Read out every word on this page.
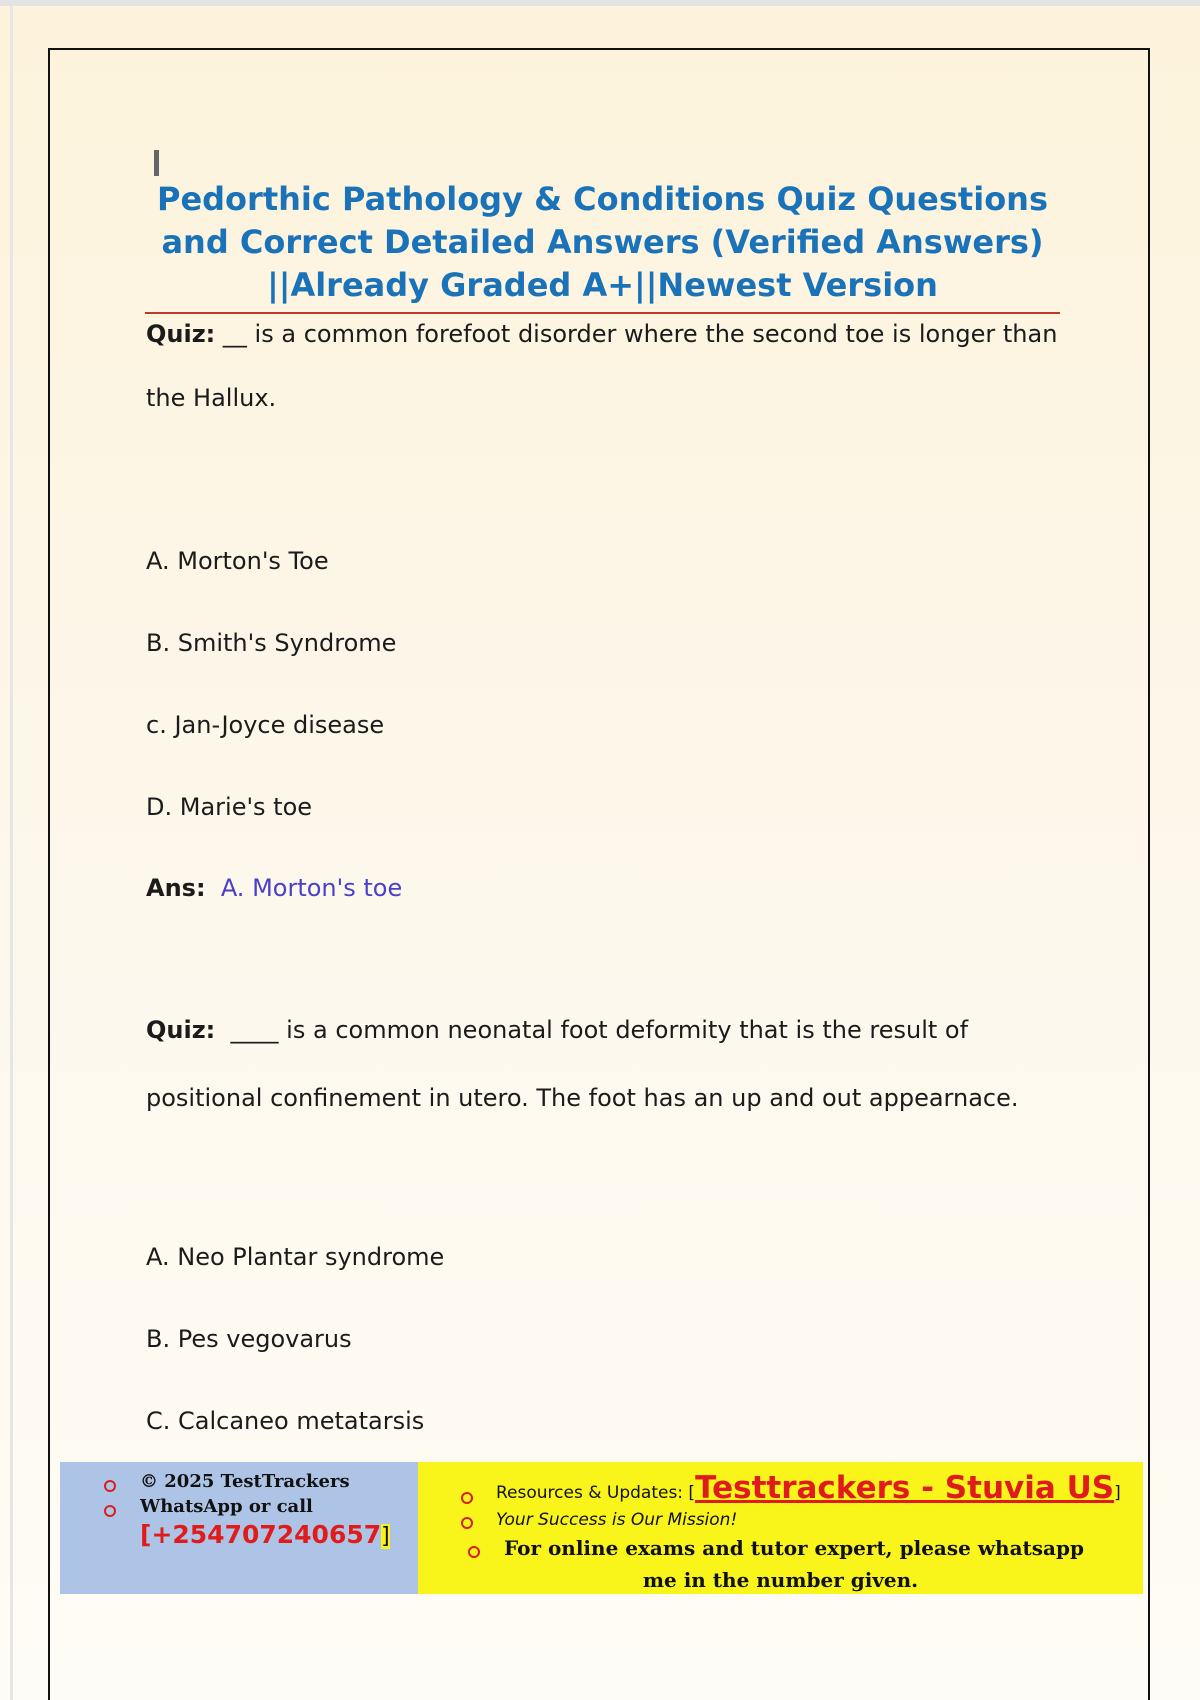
Pedorthic Pathology & Conditions Quiz Questions and Correct Detailed Answers (Verified Answers) ||Already Graded A+||Newest Version
Quiz: __ is a common forefoot disorder where the second toe is longer than
the Hallux.
A. Morton's Toe
B. Smith's Syndrome
c. Jan-Joyce disease
D. Marie's toe
Ans: A. Morton's toe
Quiz: ____ is a common neonatal foot deformity that is the result of
positional confinement in utero. The foot has an up and out appearnace.
A. Neo Plantar syndrome
B. Pes vegovarus
C. Calcaneo metatarsis
© 2025 TestTrackers
WhatsApp or call
[+254707240657]
Resources & Updates: [Testtrackers - Stuvia US]
Your Success is Our Mission!
For online exams and tutor expert, please whatsapp
me in the number given.
